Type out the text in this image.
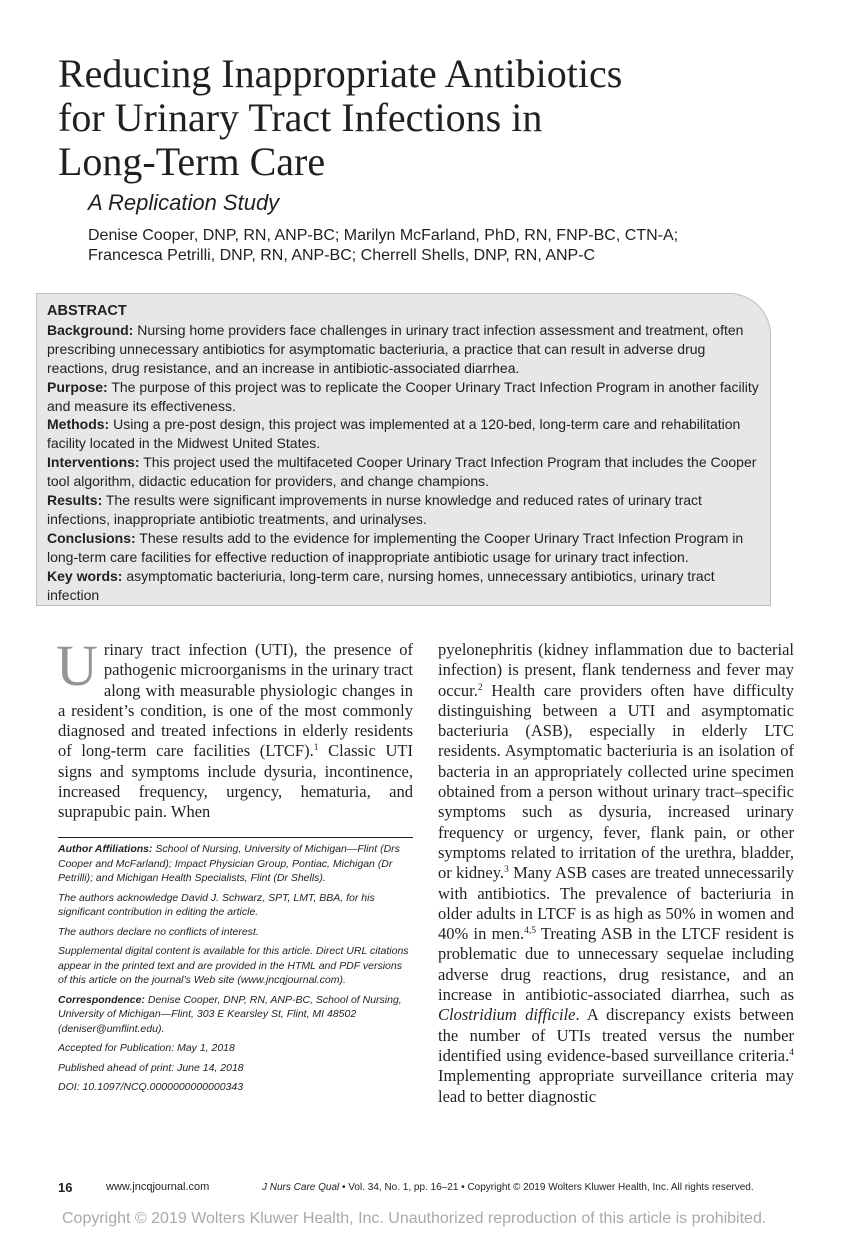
Reducing Inappropriate Antibiotics
for Urinary Tract Infections in
Long-Term Care
A Replication Study
Denise Cooper, DNP, RN, ANP-BC; Marilyn McFarland, PhD, RN, FNP-BC, CTN-A;
Francesca Petrilli, DNP, RN, ANP-BC; Cherrell Shells, DNP, RN, ANP-C
ABSTRACT

Background: Nursing home providers face challenges in urinary tract infection assessment and treatment, often prescribing unnecessary antibiotics for asymptomatic bacteriuria, a practice that can result in adverse drug reactions, drug resistance, and an increase in antibiotic-associated diarrhea.

Purpose: The purpose of this project was to replicate the Cooper Urinary Tract Infection Program in another facility and measure its effectiveness.

Methods: Using a pre-post design, this project was implemented at a 120-bed, long-term care and rehabilitation facility located in the Midwest United States.

Interventions: This project used the multifaceted Cooper Urinary Tract Infection Program that includes the Cooper tool algorithm, didactic education for providers, and change champions.

Results: The results were significant improvements in nurse knowledge and reduced rates of urinary tract infections, inappropriate antibiotic treatments, and urinalyses.

Conclusions: These results add to the evidence for implementing the Cooper Urinary Tract Infection Program in long-term care facilities for effective reduction of inappropriate antibiotic usage for urinary tract infection.

Key words: asymptomatic bacteriuria, long-term care, nursing homes, unnecessary antibiotics, urinary tract infection

Urinary tract infection (UTI), the presence of pathogenic microorganisms in the urinary tract along with measurable physiologic changes in a resident’s condition, is one of the most commonly diagnosed and treated infections in elderly residents of long-term care facilities (LTCF).$^1$ Classic UTI signs and symptoms include dysuria, incontinence, increased frequency, urgency, hematuria, and suprapubic pain. When

Author Affiliations: School of Nursing, University of Michigan—Flint (Drs Cooper and McFarland); Impact Physician Group, Pontiac, Michigan (Dr Petrilli); and Michigan Health Specialists, Flint (Dr Shells).

The authors acknowledge David J. Schwarz, SPT, LMT, BBA, for his significant contribution in editing the article.

The authors declare no conflicts of interest.

Supplemental digital content is available for this article. Direct URL citations appear in the printed text and are provided in the HTML and PDF versions of this article on the journal’s Web site (www.jncqjournal.com).

Correspondence: Denise Cooper, DNP, RN, ANP-BC, School of Nursing, University of Michigan—Flint, 303 E Kearsley St, Flint, MI 48502 (deniser@umflint.edu).

Accepted for Publication: May 1, 2018

Published ahead of print: June 14, 2018

DOI: 10.1097/NCQ.0000000000000343

pyelonephritis (kidney inflammation due to bacterial infection) is present, flank tenderness and fever may occur.$^2$ Health care providers often have difficulty distinguishing between a UTI and asymptomatic bacteriuria (ASB), especially in elderly LTC residents. Asymptomatic bacteriuria is an isolation of bacteria in an appropriately collected urine specimen obtained from a person without urinary tract–specific symptoms such as dysuria, increased urinary frequency or urgency, fever, flank pain, or other symptoms related to irritation of the urethra, bladder, or kidney.$^3$ Many ASB cases are treated unnecessarily with antibiotics. The prevalence of bacteriuria in older adults in LTCF is as high as 50% in women and 40% in men.$^{4,5}$ Treating ASB in the LTCF resident is problematic due to unnecessary sequelae including adverse drug reactions, drug resistance, and an increase in antibiotic-associated diarrhea, such as Clostridium difficile. A discrepancy exists between the number of UTIs treated versus the number identified using evidence-based surveillance criteria.$^4$ Implementing appropriate surveillance criteria may lead to better diagnostic

16	www.jncqjournal.com	J Nurs Care Qual • Vol. 34, No. 1, pp. 16–21 • Copyright © 2019 Wolters Kluwer Health, Inc. All rights reserved.
Copyright © 2019 Wolters Kluwer Health, Inc. Unauthorized reproduction of this article is prohibited.
